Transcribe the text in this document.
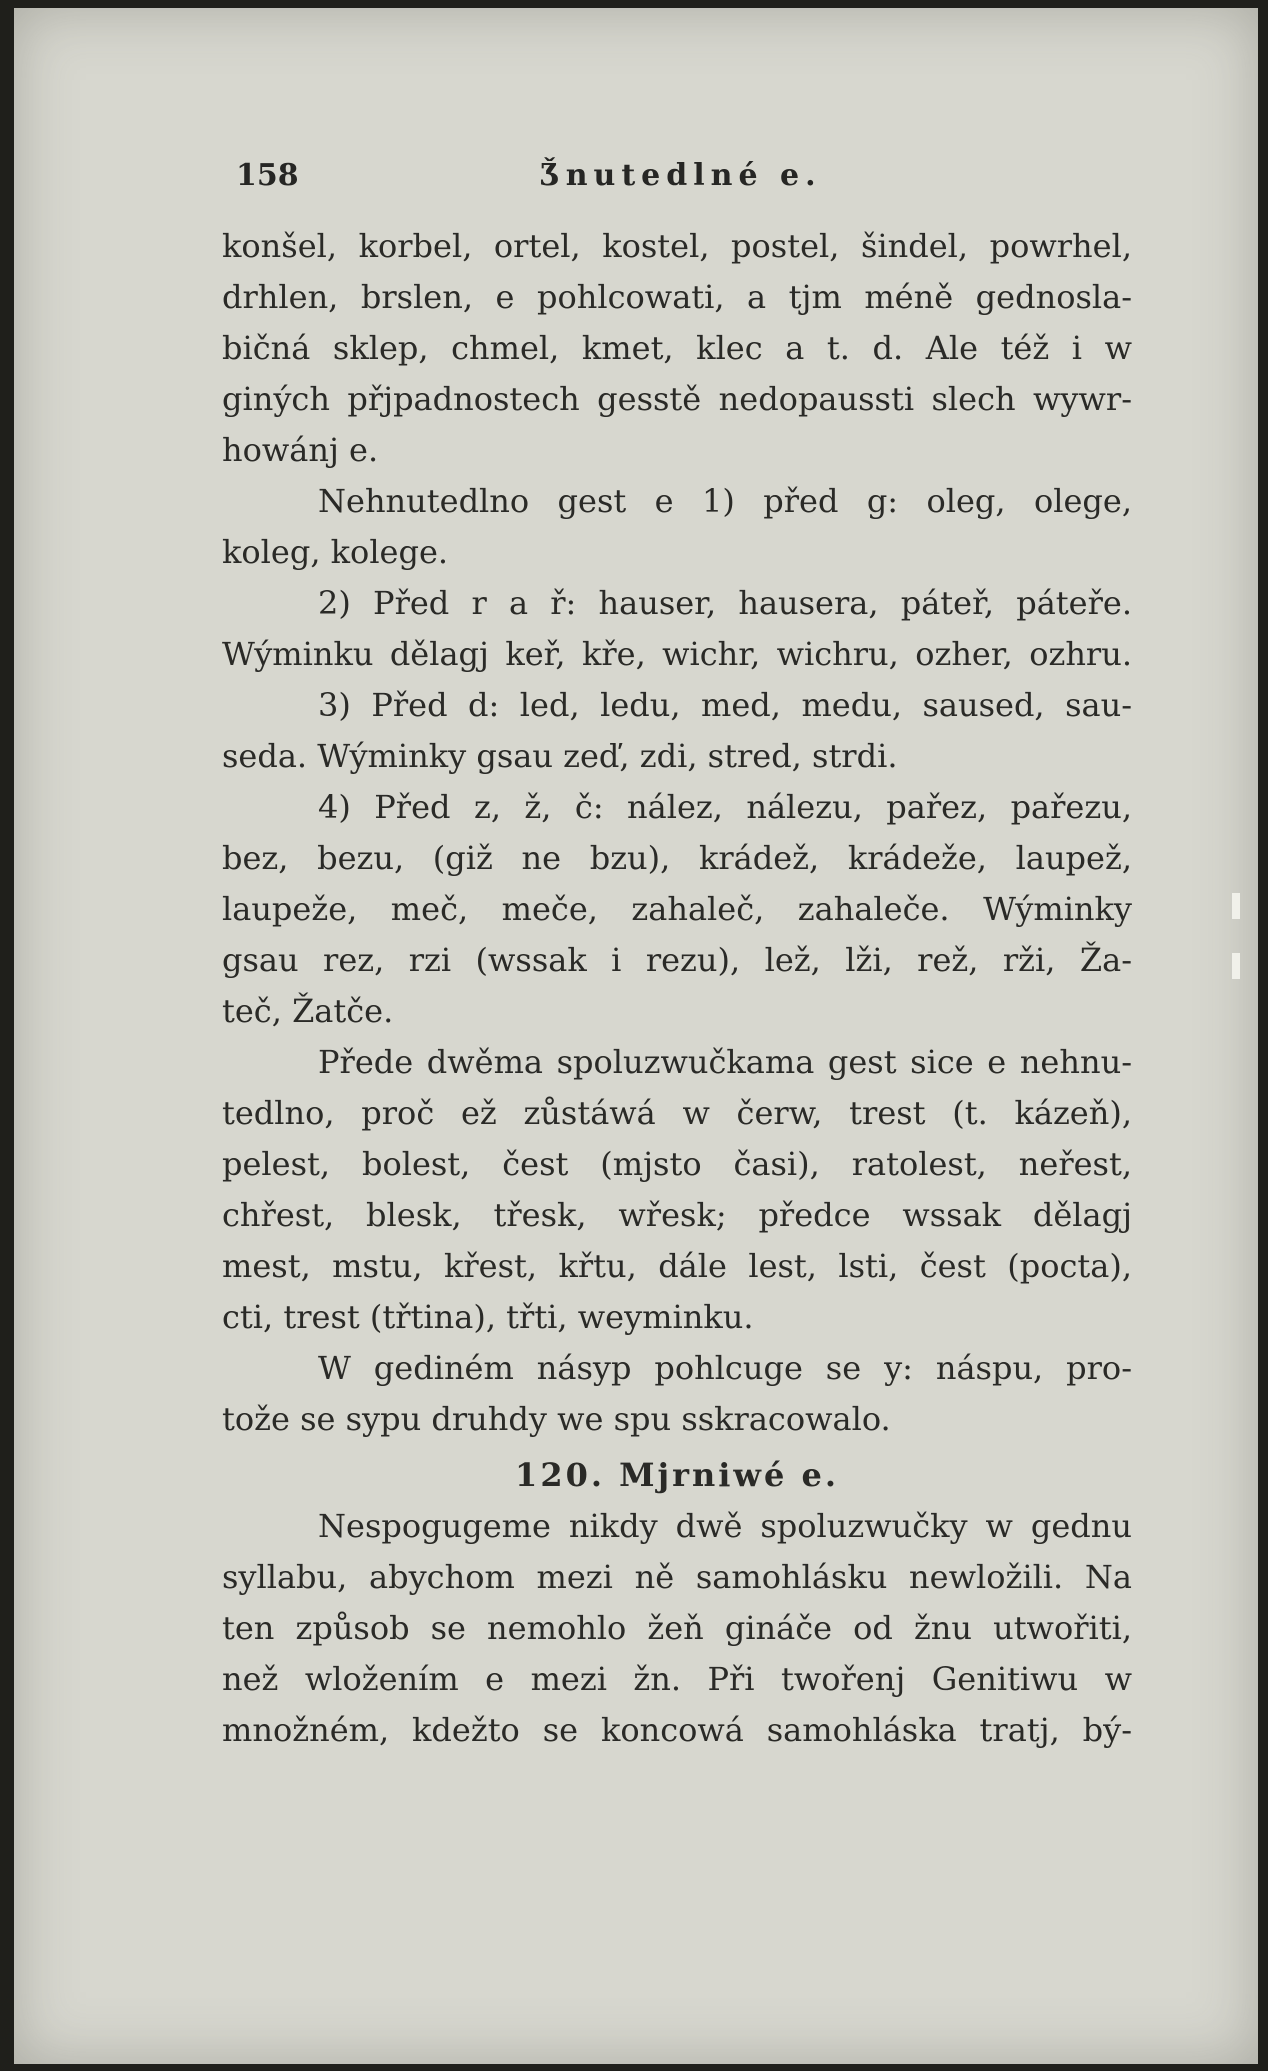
158	Ǯnutedlné e.
konšel, korbel, ortel, kostel, postel, šindel, powrhel,
drhlen, brslen, e pohlcowati, a tjm méně gednosla-
bičná sklep, chmel, kmet, klec a t. d. Ale též i w
giných přjpadnostech gesstě nedopaussti slech wywr-
howánj e.
Nehnutedlno gest e 1) před g: oleg, olege,
koleg, kolege.
2) Před r a ř: hauser, hausera, páteř, páteře.
Wýminku dělagj keř, kře, wichr, wichru, ozher, ozhru.
3) Před d: led, ledu, med, medu, saused, sau-
seda. Wýminky gsau zeď, zdi, stred, strdi.
4) Před z, ž, č: nález, nálezu, pařez, pařezu,
bez, bezu, (giž ne bzu), krádež, krádeže, laupež,
laupeže, meč, meče, zahaleč, zahaleče. Wýminky
gsau rez, rzi (wssak i rezu), lež, lži, rež, rži, Ža-
teč, Žatče.
Přede dwěma spoluzwučkama gest sice e nehnu-
tedlno, proč ež zůstáwá w čerw, trest (t. kázeň),
pelest, bolest, čest (mjsto časi), ratolest, neřest,
chřest, blesk, třesk, wřesk; předce wssak dělagj
mest, mstu, křest, křtu, dále lest, lsti, čest (pocta),
cti, trest (třtina), třti, weyminku.
W gediném násyp pohlcuge se y: náspu, pro-
tože se sypu druhdy we spu sskracowalo.
120. Mjrniwé e.
Nespogugeme nikdy dwě spoluzwučky w gednu
syllabu, abychom mezi ně samohlásku newložili. Na
ten způsob se nemohlo žeň gináče od žnu utwořiti,
než wložením e mezi žn. Při twořenj Genitiwu w
množném, kdežto se koncowá samohláska tratj, bý-
